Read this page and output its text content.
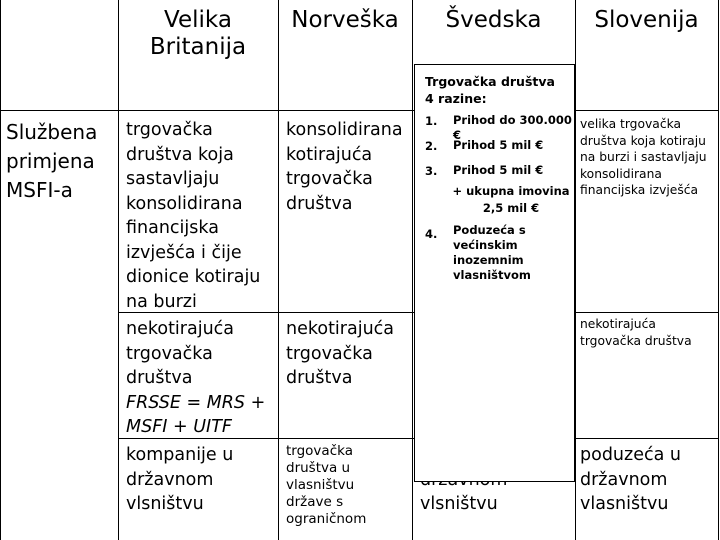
Velika
Britanija
Norveška	Švedska	Slovenija
Službena
primjena
MSFI-a
trgovačka
društva koja
sastavljaju
konsolidirana
financijska
izvješća i čije
dionice kotiraju
na burzi
nekotirajuća
trgovačka
društva
FRSSE = MRS +
MSFI + UITF
kompanije u
državnom
vlsništvu
konsolidirana
kotirajuća
trgovačka
društva
nekotirajuća
trgovačka
društva
trgovačka
društva u
vlasništvu
države s
ograničnom
vlsništvu
velika trgovačka
društva koja kotiraju
na burzi i sastavljaju
konsolidirana
financijska izvješća
nekotirajuća
trgovačka društva
poduzeća u
državnom
vlasništvu
Trgovačka društva
4 razine:
1. Prihod do 300.000 €
2. Prihod 5 mil €
3. Prihod 5 mil €
+ ukupna imovina
2,5 mil €
4. Poduzeća s
većinskim
inozemnim
vlasništvom
